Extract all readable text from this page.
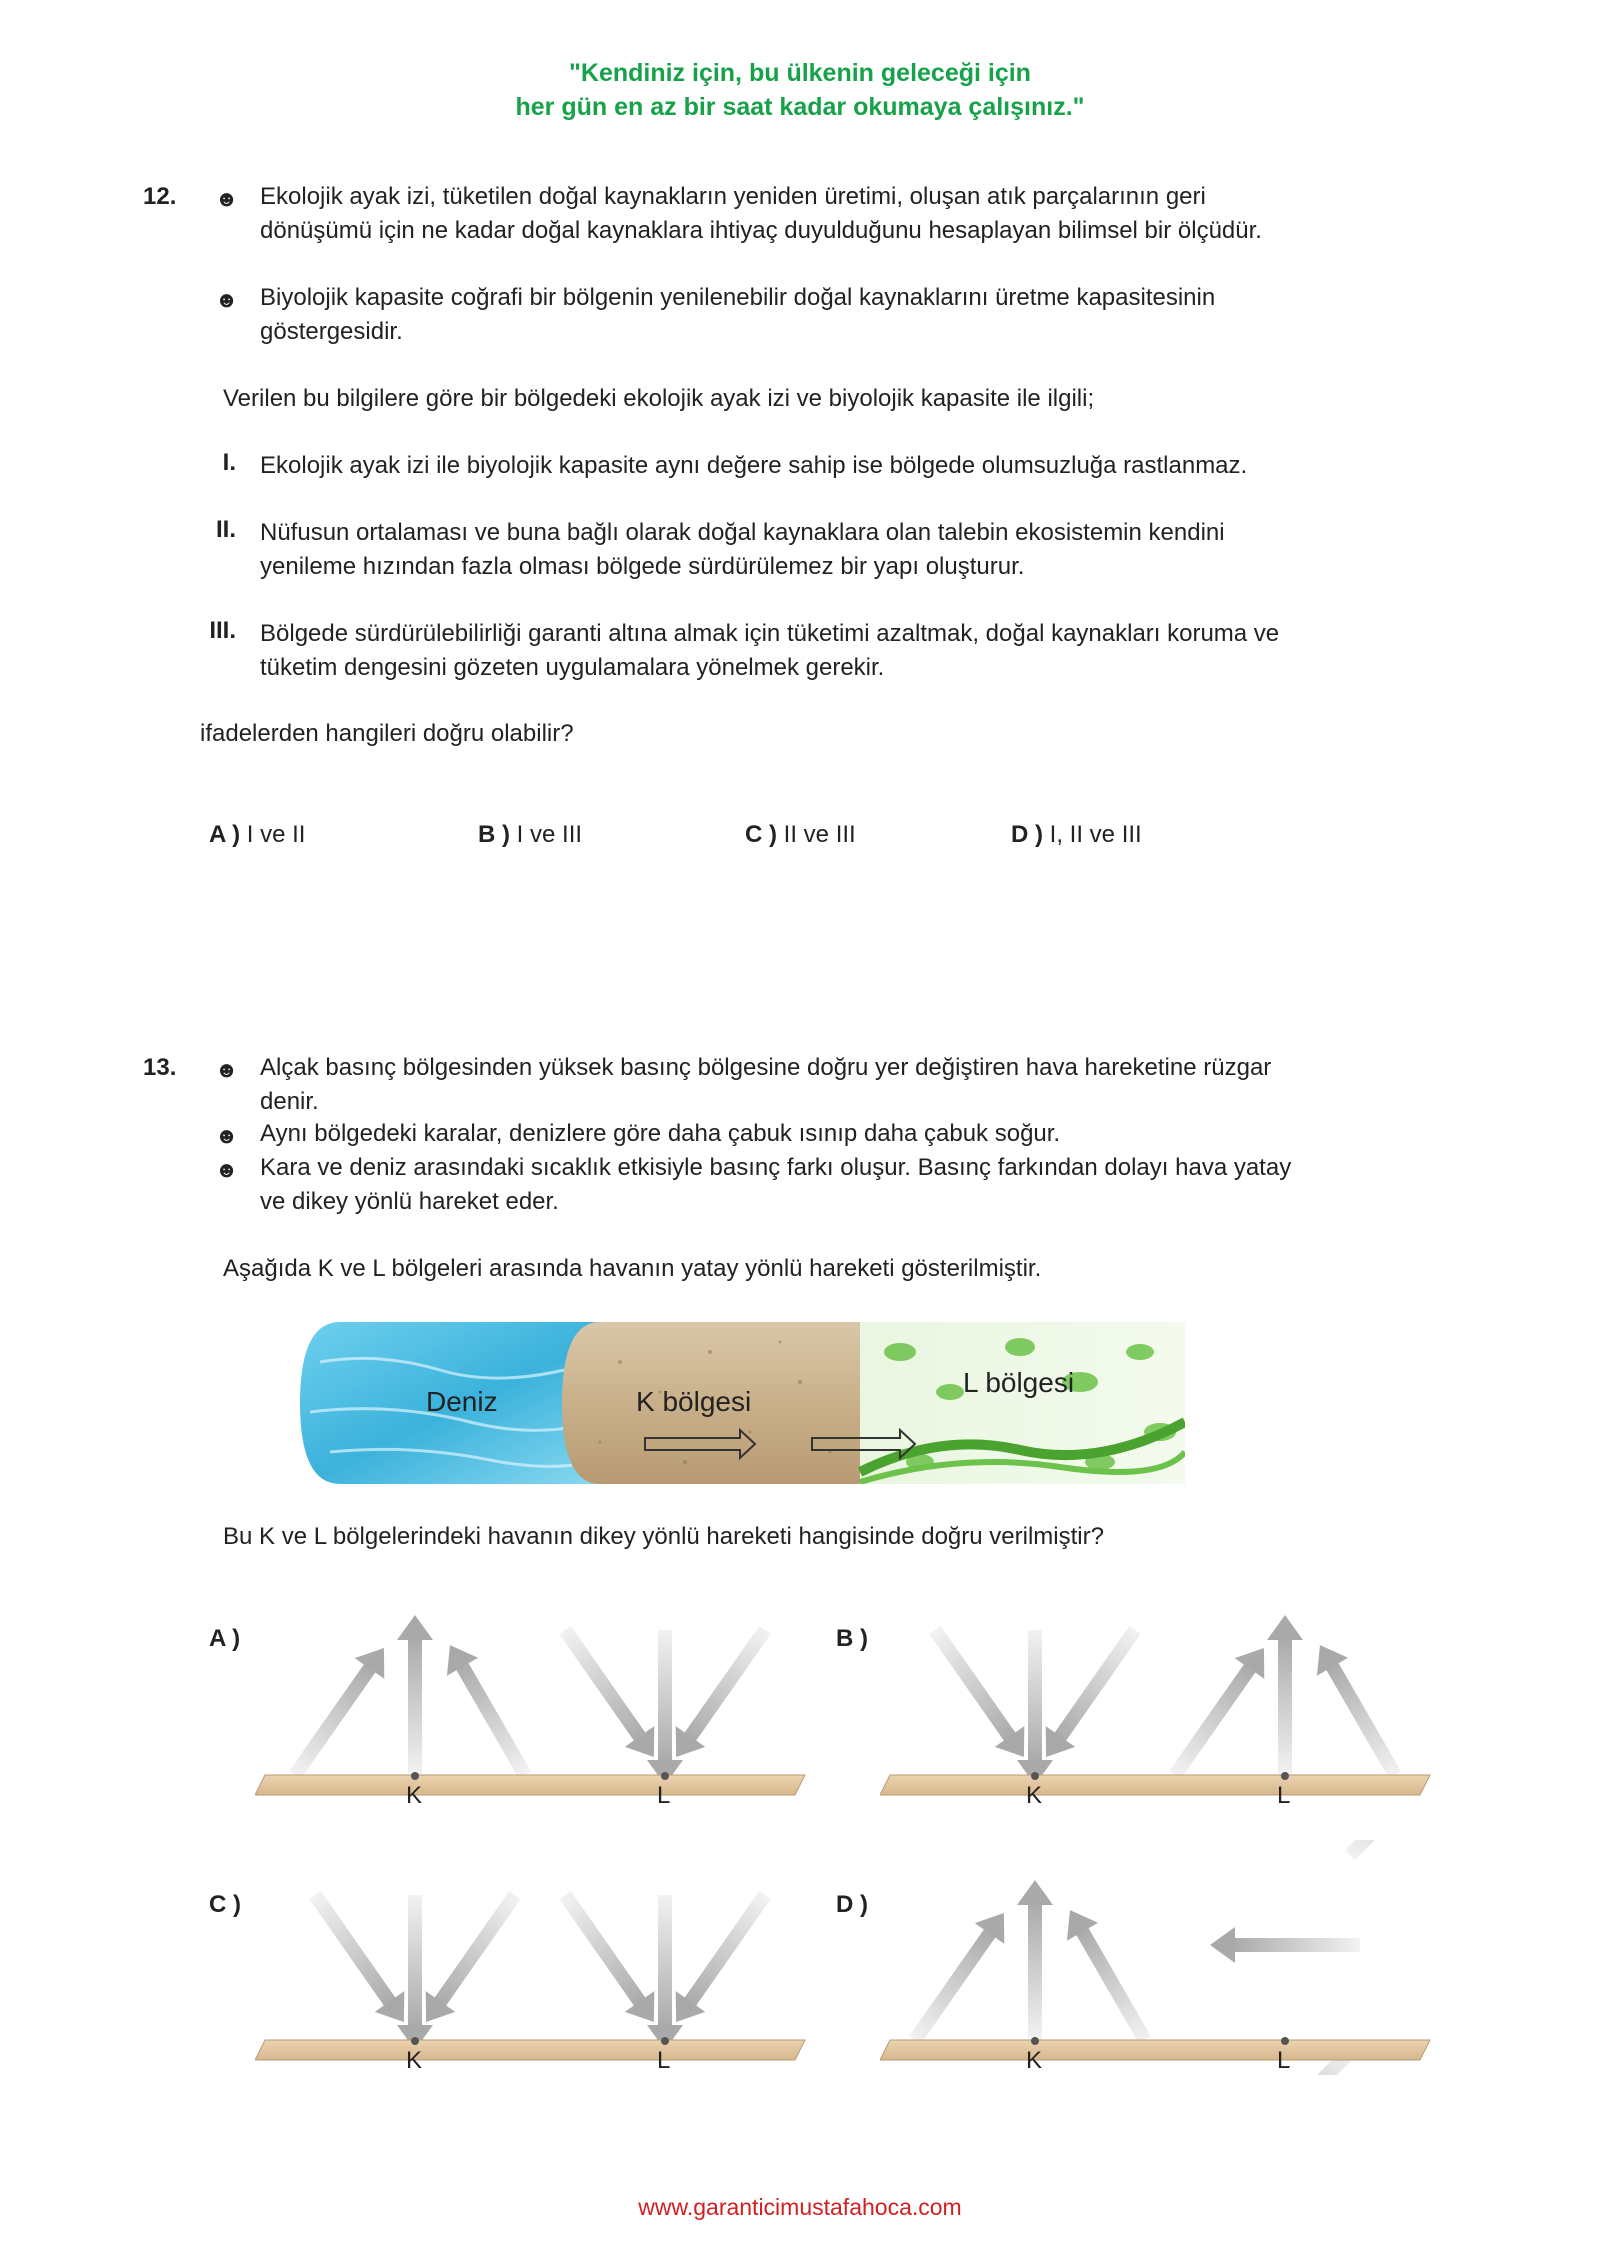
"Kendiniz için, bu ülkenin geleceği için
her gün en az bir saat kadar okumaya çalışınız."
12. ☻ Ekolojik ayak izi, tüketilen doğal kaynakların yeniden üretimi, oluşan atık parçalarının geri
dönüşümü için ne kadar doğal kaynaklara ihtiyaç duyulduğunu hesaplayan bilimsel bir ölçüdür.
☻ Biyolojik kapasite coğrafi bir bölgenin yenilenebilir doğal kaynaklarını üretme kapasitesinin
göstergesidir.
Verilen bu bilgilere göre bir bölgedeki ekolojik ayak izi ve biyolojik kapasite ile ilgili;
I. Ekolojik ayak izi ile biyolojik kapasite aynı değere sahip ise bölgede olumsuzluğa rastlanmaz.
II. Nüfusun ortalaması ve buna bağlı olarak doğal kaynaklara olan talebin ekosistemin kendini
yenileme hızından fazla olması bölgede sürdürülemez bir yapı oluşturur.
III. Bölgede sürdürülebilirliği garanti altına almak için tüketimi azaltmak, doğal kaynakları koruma ve
tüketim dengesini gözeten uygulamalara yönelmek gerekir.
ifadelerden hangileri doğru olabilir?
A ) I ve II	B ) I ve III	C ) II ve III	D ) I, II ve III
13. ☻ Alçak basınç bölgesinden yüksek basınç bölgesine doğru yer değiştiren hava hareketine rüzgar
denir.
☻ Aynı bölgedeki karalar, denizlere göre daha çabuk ısınıp daha çabuk soğur.
☻ Kara ve deniz arasındaki sıcaklık etkisiyle basınç farkı oluşur. Basınç farkından dolayı hava yatay
ve dikey yönlü hareket eder.
Aşağıda K ve L bölgeleri arasında havanın yatay yönlü hareketi gösterilmiştir.
Deniz	K bölgesi
L bölgesi
Bu K ve L bölgelerindeki havanın dikey yönlü hareketi hangisinde doğru verilmiştir?
A )
K	L
B )
K	L
C )
K	L
D )
K	L
www.garanticimustafahoca.com
